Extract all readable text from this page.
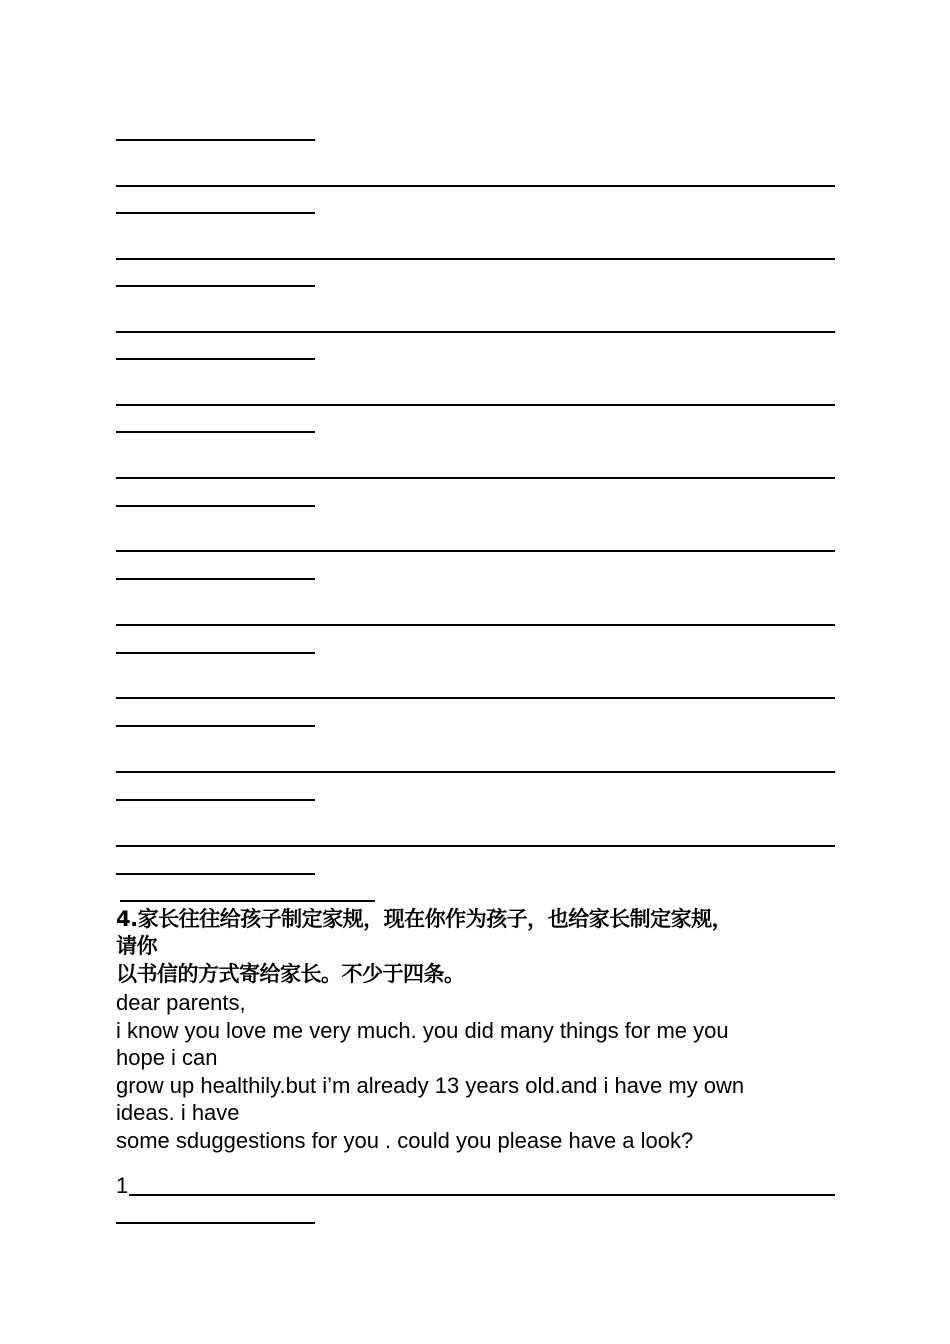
4.家长往往给孩子制定家规，现在你作为孩子，也给家长制定家规，
请你
以书信的方式寄给家长。不少于四条。
dear parents,
i know you love me very much. you did many things for me you
hope i can
grow up healthily.but i’m already 13 years old.and i have my own
ideas. i have
some sduggestions for you . could you please have a look?
1
